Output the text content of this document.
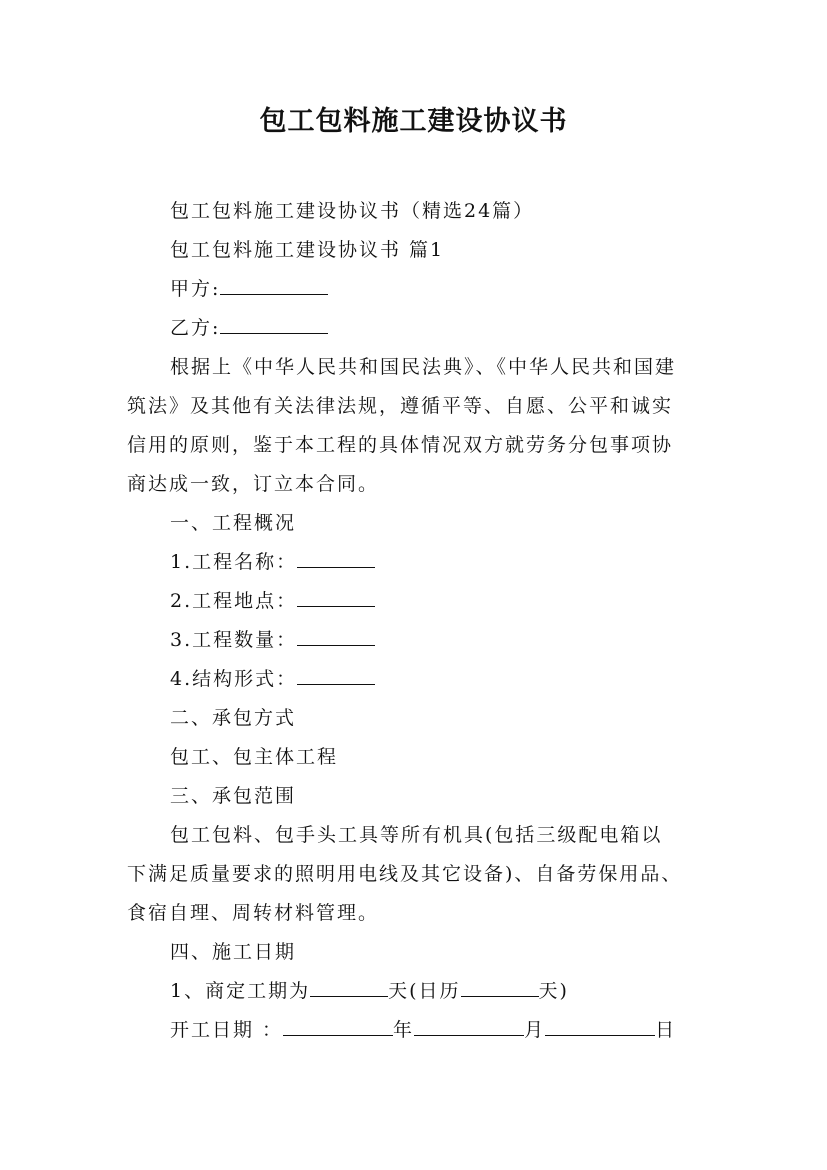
包工包料施工建设协议书
包工包料施工建设协议书（精选24篇）
包工包料施工建设协议书 篇1
甲方:
乙方:
根据上《中华人民共和国民法典》、《中华人民共和国建
筑法》及其他有关法律法规，遵循平等、自愿、公平和诚实
信用的原则，鉴于本工程的具体情况双方就劳务分包事项协
商达成一致，订立本合同。
一、工程概况
1.工程名称：
2.工程地点：
3.工程数量：
4.结构形式：
二、承包方式
包工、包主体工程
三、承包范围
包工包料、包手头工具等所有机具(包括三级配电箱以
下满足质量要求的照明用电线及其它设备)、自备劳保用品、
食宿自理、周转材料管理。
四、施工日期
1、商定工期为	天(日历	天)
开工日期 ：	年	月	日
